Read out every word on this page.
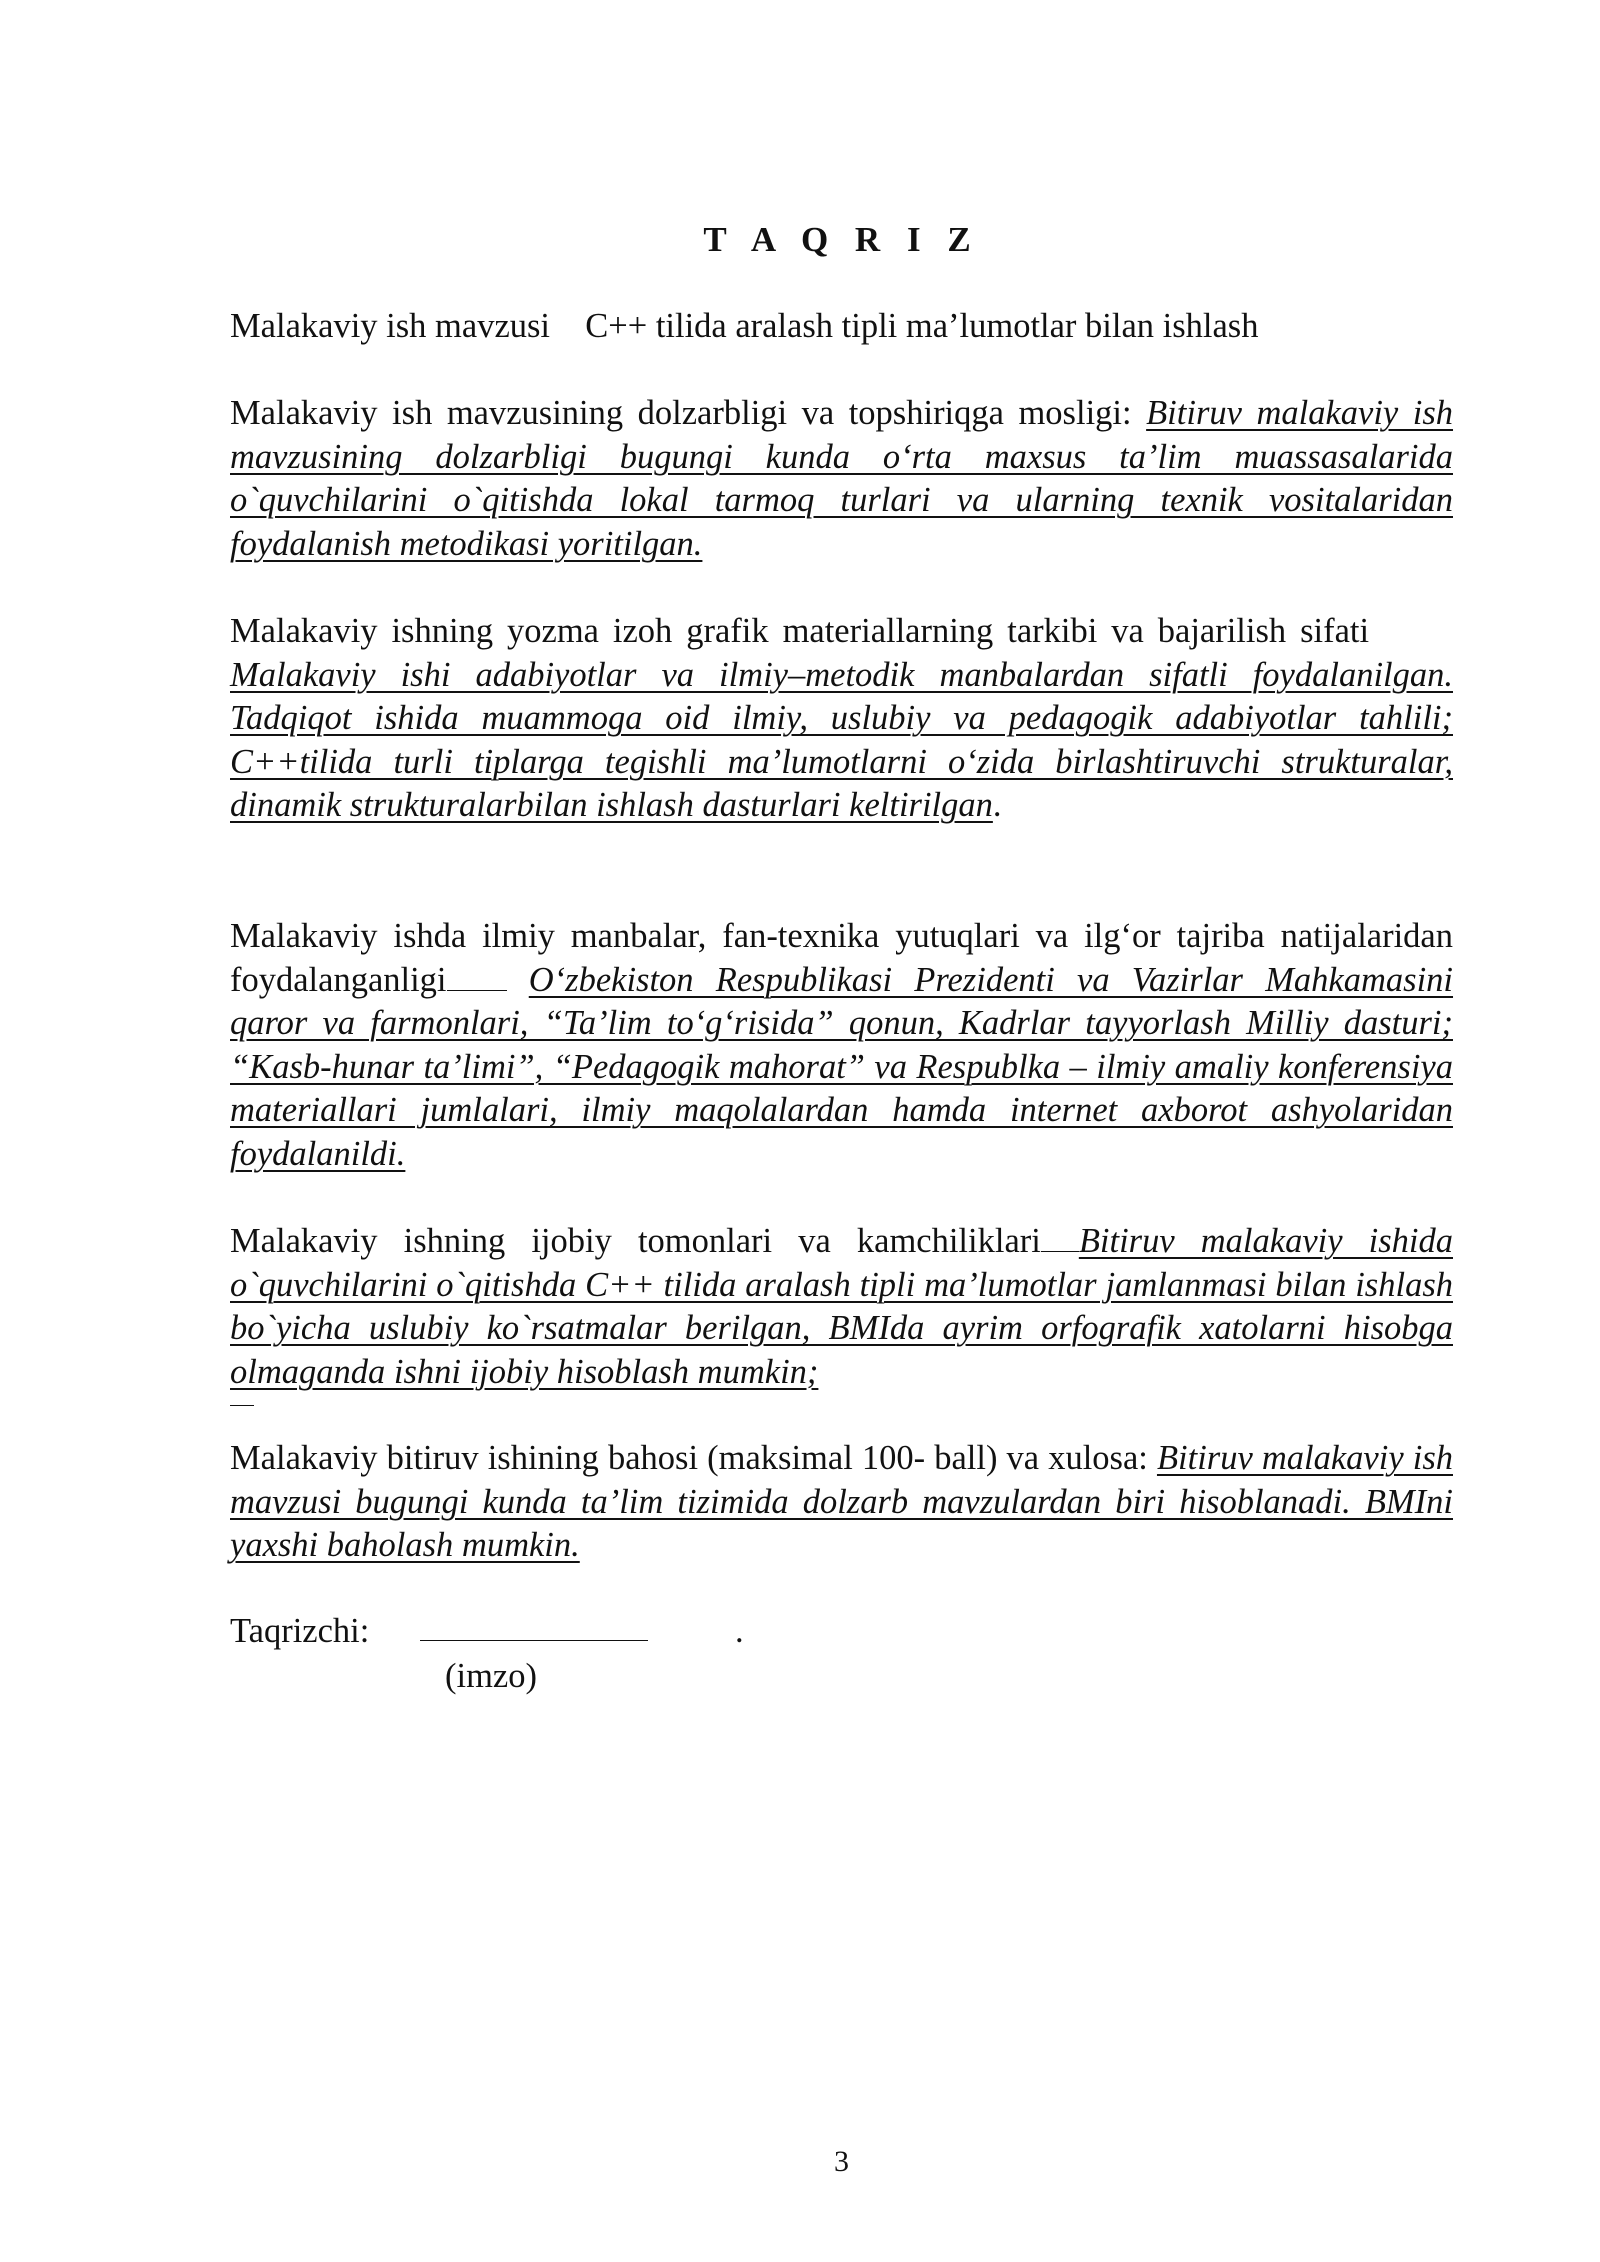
T A Q R I Z
Malakaviy ish mavzusi C++ tilida aralash tipli ma’lumotlar bilan ishlash
Malakaviy ish mavzusining dolzarbligi va topshiriqga mosligi: Bitiruv malakaviy ish mavzusining dolzarbligi bugungi kunda o‘rta maxsus ta’lim muassasalarida o`quvchilarini o`qitishda lokal tarmoq turlari va ularning texnik vositalaridan foydalanish metodikasi yoritilgan.
Malakaviy ishning yozma izoh grafik materiallarning tarkibi va bajarilish sifati Malakaviy ishi adabiyotlar va ilmiy–metodik manbalardan sifatli foydalanilgan. Tadqiqot ishida muammoga oid ilmiy, uslubiy va pedagogik adabiyotlar tahlili; C++tilida turli tiplarga tegishli ma’lumotlarni o‘zida birlashtiruvchi strukturalar, dinamik strukturalarbilan ishlash dasturlari keltirilgan.
Malakaviy ishda ilmiy manbalar, fan-texnika yutuqlari va ilg‘or tajriba natijalaridan foydalanganligi O‘zbekiston Respublikasi Prezidenti va Vazirlar Mahkamasini qaror va farmonlari, “Ta’lim to‘g‘risida” qonun, Kadrlar tayyorlash Milliy dasturi; “Kasb-hunar ta’limi”, “Pedagogik mahorat” va Respublka – ilmiy amaliy konferensiya materiallari jumlalari, ilmiy maqolalardan hamda internet axborot ashyolaridan foydalanildi.
Malakaviy ishning ijobiy tomonlari va kamchiliklari Bitiruv malakaviy ishida o`quvchilarini o`qitishda C++ tilida aralash tipli ma’lumotlar jamlanmasi bilan ishlash bo`yicha uslubiy ko`rsatmalar berilgan, BMIda ayrim orfografik xatolarni hisobga olmaganda ishni ijobiy hisoblash mumkin;
Malakaviy bitiruv ishining bahosi (maksimal 100- ball) va xulosa: Bitiruv malakaviy ish mavzusi bugungi kunda ta’lim tizimida dolzarb mavzulardan biri hisoblanadi. BMIni yaxshi baholash mumkin.
Taqrizchi:	.
(imzo)
3
